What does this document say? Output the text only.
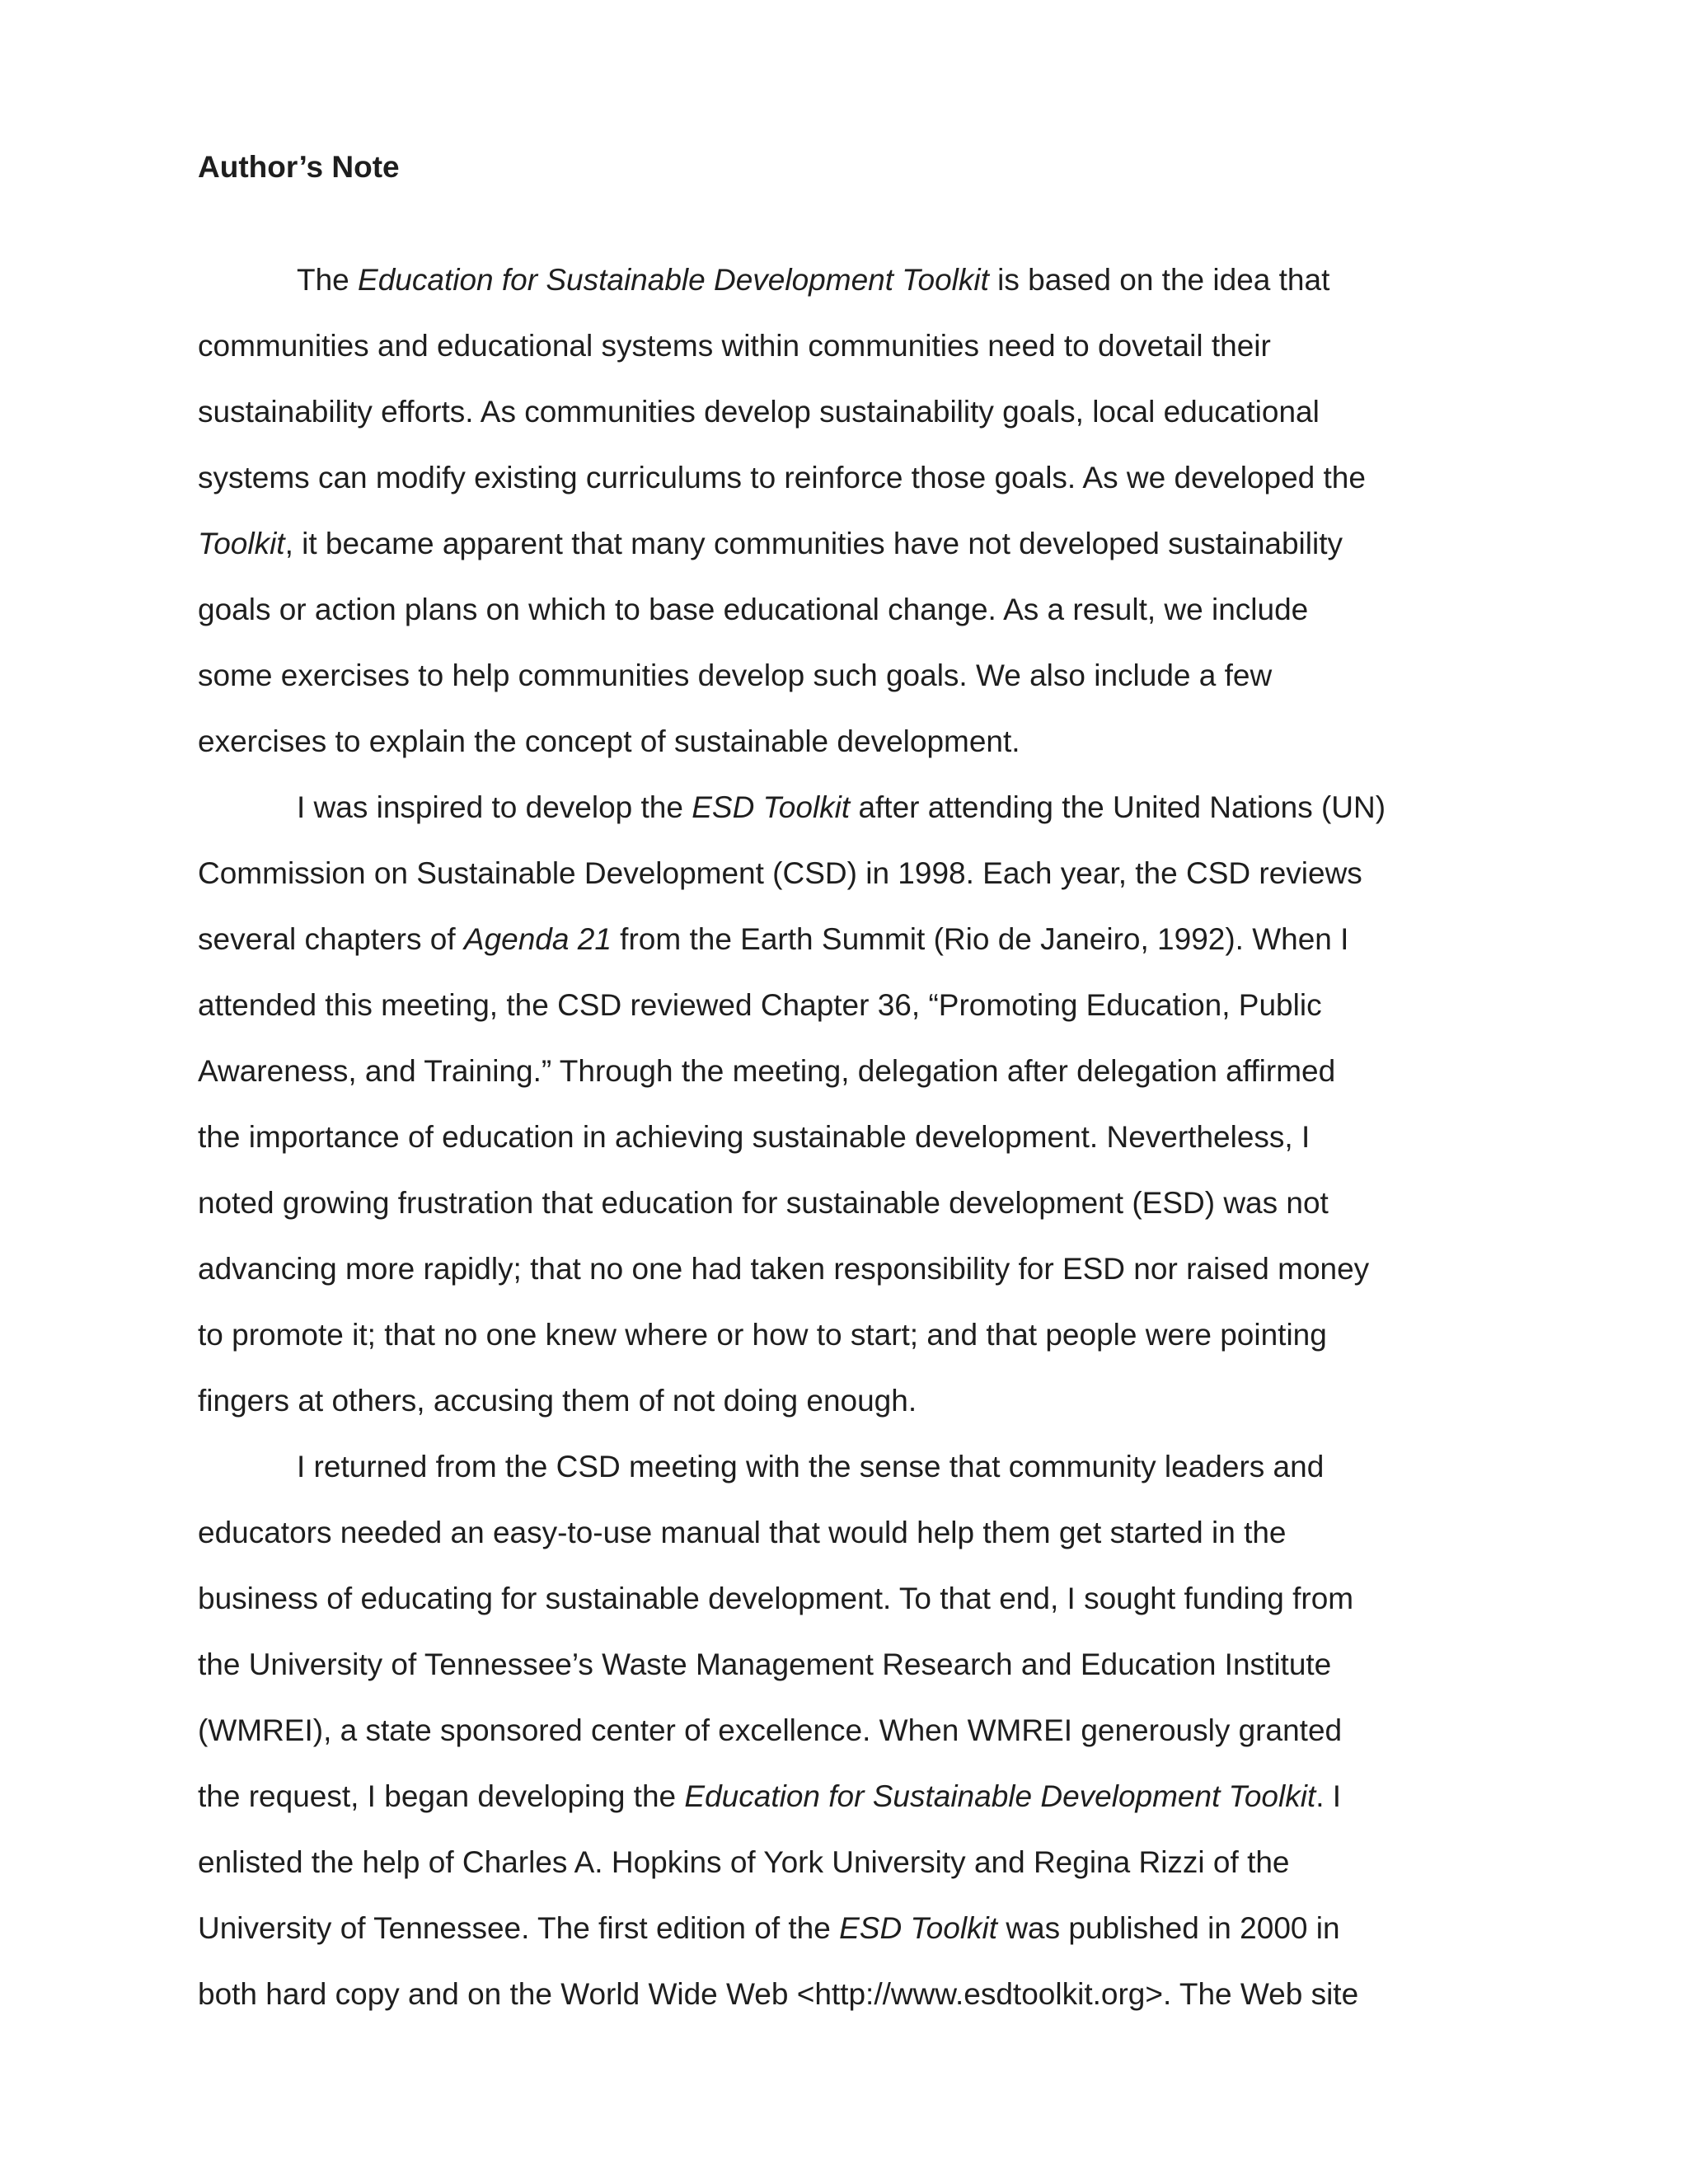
Author’s Note
The Education for Sustainable Development Toolkit is based on the idea that
communities and educational systems within communities need to dovetail their
sustainability efforts. As communities develop sustainability goals, local educational
systems can modify existing curriculums to reinforce those goals. As we developed the
Toolkit, it became apparent that many communities have not developed sustainability
goals or action plans on which to base educational change. As a result, we include
some exercises to help communities develop such goals. We also include a few
exercises to explain the concept of sustainable development.
I was inspired to develop the ESD Toolkit after attending the United Nations (UN)
Commission on Sustainable Development (CSD) in 1998. Each year, the CSD reviews
several chapters of Agenda 21 from the Earth Summit (Rio de Janeiro, 1992). When I
attended this meeting, the CSD reviewed Chapter 36, “Promoting Education, Public
Awareness, and Training.” Through the meeting, delegation after delegation affirmed
the importance of education in achieving sustainable development. Nevertheless, I
noted growing frustration that education for sustainable development (ESD) was not
advancing more rapidly; that no one had taken responsibility for ESD nor raised money
to promote it; that no one knew where or how to start; and that people were pointing
fingers at others, accusing them of not doing enough.
I returned from the CSD meeting with the sense that community leaders and
educators needed an easy-to-use manual that would help them get started in the
business of educating for sustainable development. To that end, I sought funding from
the University of Tennessee’s Waste Management Research and Education Institute
(WMREI), a state sponsored center of excellence. When WMREI generously granted
the request, I began developing the Education for Sustainable Development Toolkit. I
enlisted the help of Charles A. Hopkins of York University and Regina Rizzi of the
University of Tennessee. The first edition of the ESD Toolkit was published in 2000 in
both hard copy and on the World Wide Web <http://www.esdtoolkit.org>. The Web site
